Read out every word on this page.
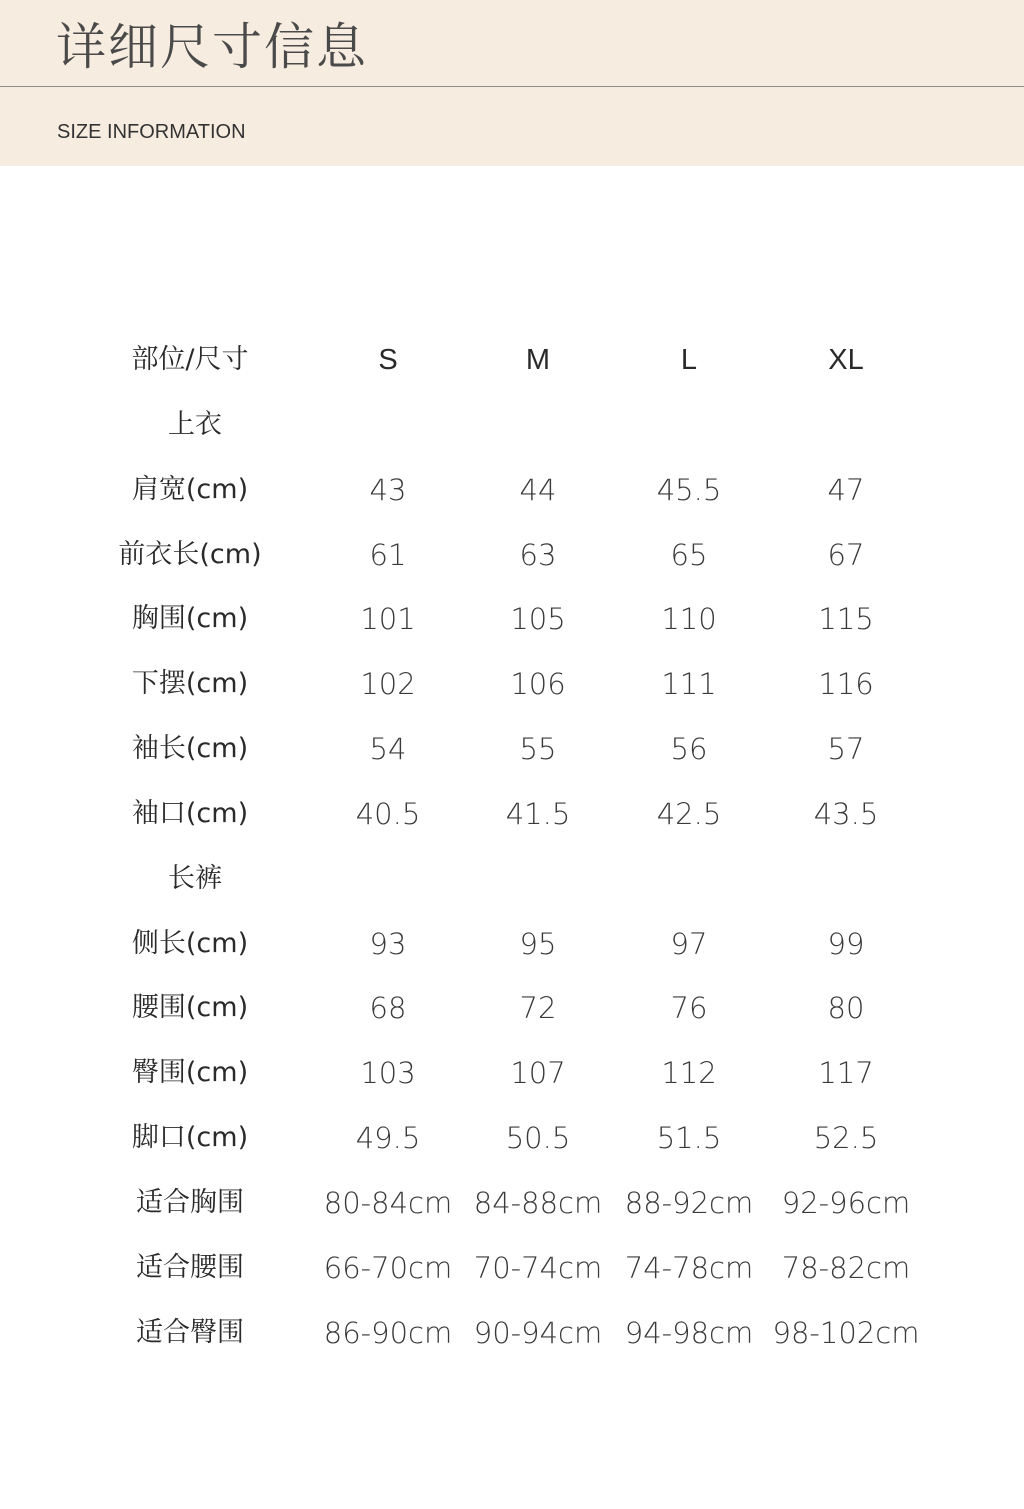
详细尺寸信息
SIZE INFORMATION
部位/尺寸	S	M	L	XL
上衣
肩宽(cm)	43	44	45.5	47
前衣长(cm)	61	63	65	67
胸围(cm)	101	105	110	115
下摆(cm)	102	106	111	116
袖长(cm)	54	55	56	57
袖口(cm)	40.5	41.5	42.5	43.5
长裤
侧长(cm)	93	95	97	99
腰围(cm)	68	72	76	80
臀围(cm)	103	107	112	117
脚口(cm)	49.5	50.5	51.5	52.5
适合胸围	80-84cm 84-88cm 88-92cm 92-96cm
适合腰围	66-70cm 70-74cm 74-78cm 78-82cm
适合臀围	86-90cm 90-94cm 94-98cm 98-102cm
